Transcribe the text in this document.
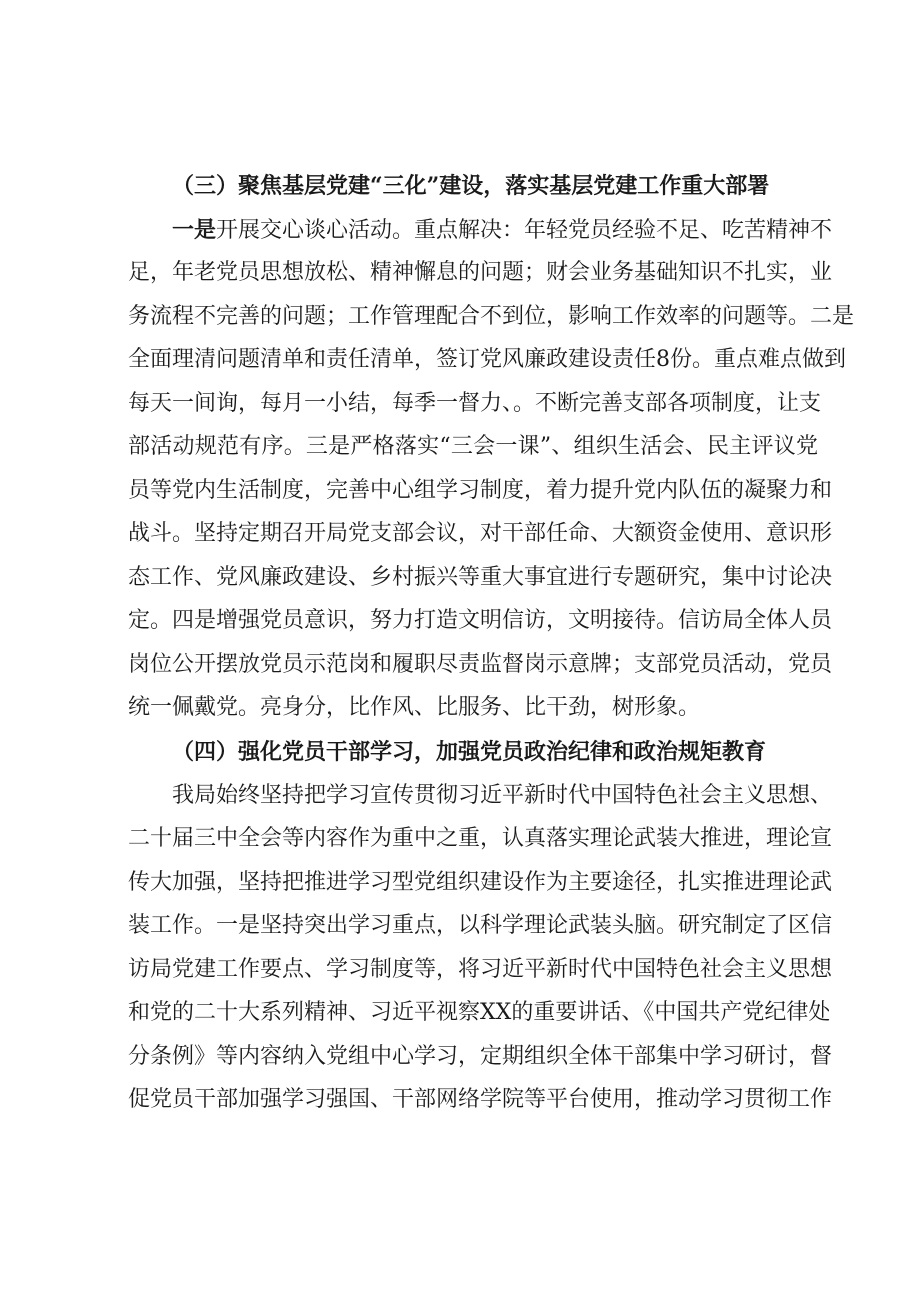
（三）聚焦基层党建“三化”建设，落实基层党建工作重大部署
一是开展交心谈心活动。重点解决：年轻党员经验不足、吃苦精神不
足，年老党员思想放松、精神懈息的问题；财会业务基础知识不扎实，业
务流程不完善的问题；工作管理配合不到位，影响工作效率的问题等。二是
全面理清问题清单和责任清单，签订党风廉政建设责任8份。重点难点做到
每天一间询，每月一小结，每季一督力、。不断完善支部各项制度，让支
部活动规范有序。三是严格落实“三会一课”、组织生活会、民主评议党
员等党内生活制度，完善中心组学习制度，着力提升党内队伍的凝聚力和
战斗。坚持定期召开局党支部会议，对干部任命、大额资金使用、意识形
态工作、党风廉政建设、乡村振兴等重大事宜进行专题研究，集中讨论决
定。四是增强党员意识，努力打造文明信访，文明接待。信访局全体人员
岗位公开摆放党员示范岗和履职尽责监督岗示意牌；支部党员活动，党员
统一佩戴党。亮身分，比作风、比服务、比干劲，树形象。
（四）强化党员干部学习，加强党员政治纪律和政治规矩教育
我局始终坚持把学习宣传贯彻习近平新时代中国特色社会主义思想、
二十届三中全会等内容作为重中之重，认真落实理论武装大推进，理论宣
传大加强，坚持把推进学习型党组织建设作为主要途径，扎实推进理论武
装工作。一是坚持突出学习重点，以科学理论武装头脑。研究制定了区信
访局党建工作要点、学习制度等，将习近平新时代中国特色社会主义思想
和党的二十大系列精神、习近平视察XX的重要讲话、《中国共产党纪律处
分条例》等内容纳入党组中心学习，定期组织全体干部集中学习研讨，督
促党员干部加强学习强国、干部网络学院等平台使用，推动学习贯彻工作
